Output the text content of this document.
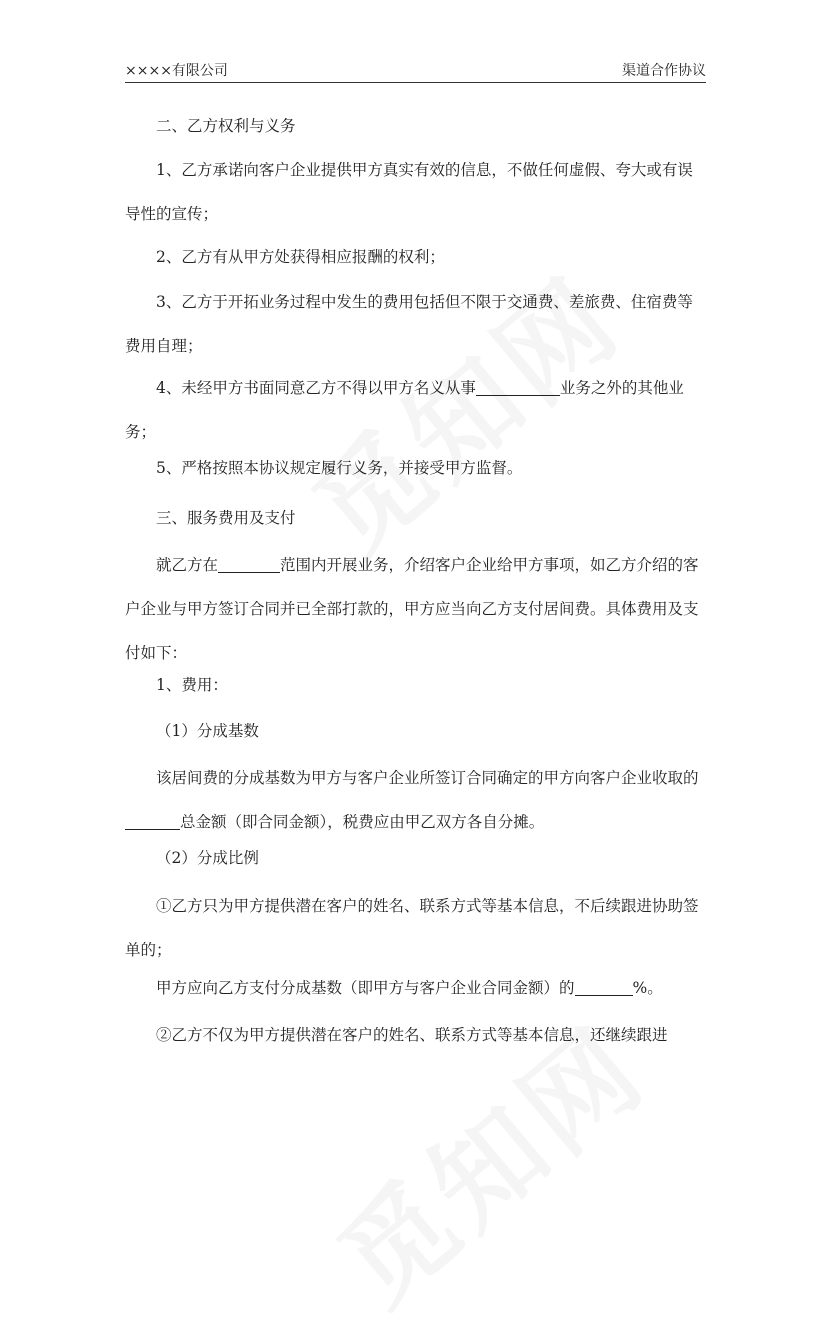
××××有限公司	渠道合作协议

二、乙方权利与义务

1、乙方承诺向客户企业提供甲方真实有效的信息，不做任何虚假、夸大或有误导性的宣传；

2、乙方有从甲方处获得相应报酬的权利；

3、乙方于开拓业务过程中发生的费用包括但不限于交通费、差旅费、住宿费等费用自理；

4、未经甲方书面同意乙方不得以甲方名义从事	业务之外的其他业务；

5、严格按照本协议规定履行义务，并接受甲方监督。

三、服务费用及支付

就乙方在	范围内开展业务，介绍客户企业给甲方事项，如乙方介绍的客户企业与甲方签订合同并已全部打款的，甲方应当向乙方支付居间费。具体费用及支付如下：

1、费用：

（1）分成基数

该居间费的分成基数为甲方与客户企业所签订合同确定的甲方向客户企业收取的总金额（即合同金额），税费应由甲乙双方各自分摊。

（2）分成比例

①乙方只为甲方提供潜在客户的姓名、联系方式等基本信息，不后续跟进协助签单的；

甲方应向乙方支付分成基数（即甲方与客户企业合同金额）的	%。

②乙方不仅为甲方提供潜在客户的姓名、联系方式等基本信息，还继续跟进
